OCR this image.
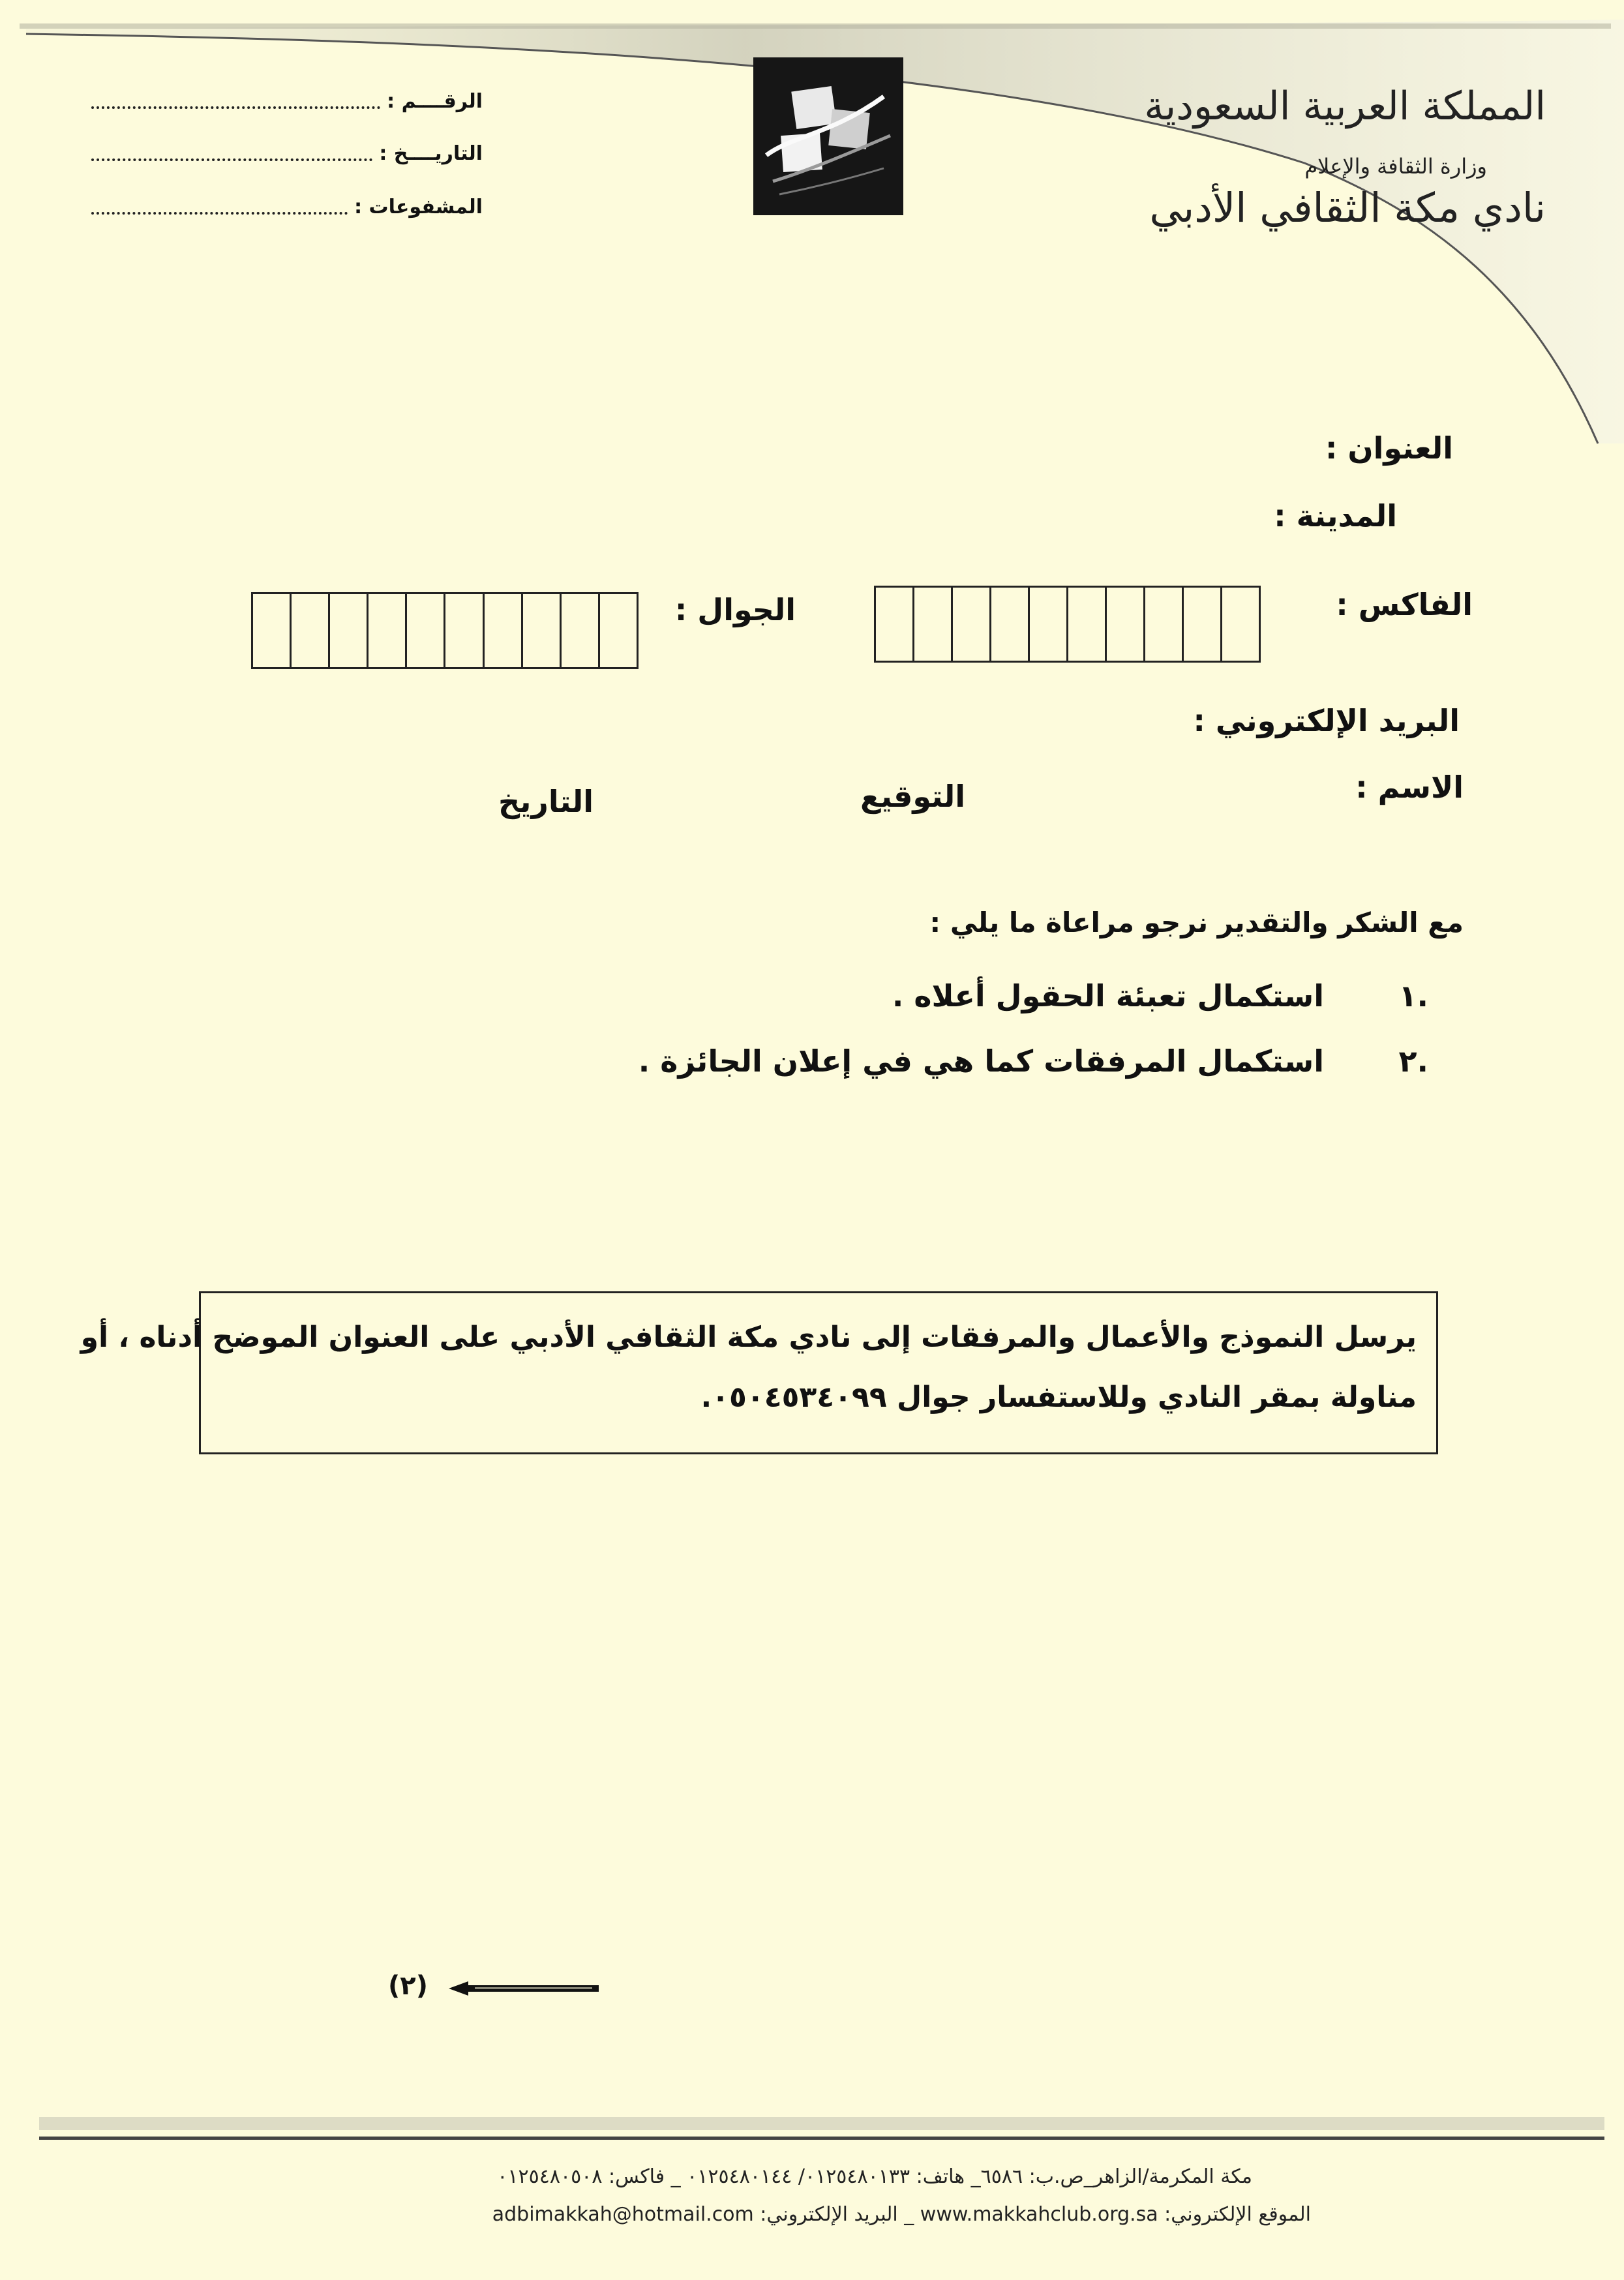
الرقــــم :
التاريــــخ :
المشفوعات :
المملكة العربية السعودية
وزارة الثقافة والإعلام
نادي مكة الثقافي الأدبي
العنوان :
المدينة :
الفاكس :
الجوال :
البريد الإلكتروني :
الاسم :
التوقيع
التاريخ
مع الشكر والتقدير نرجو مراعاة ما يلي :
.١
استكمال تعبئة الحقول أعلاه .
.٢
استكمال المرفقات كما هي في إعلان الجائزة .

يرسل النموذج والأعمال والمرفقات إلى نادي مكة الثقافي الأدبي على العنوان الموضح أدناه ، أو

مناولة بمقر النادي وللاستفسار جوال ٠٥٠٤٥٣٤٠٩٩.

(٢)
مكة المكرمة/الزاهر_ص.ب: ٦٥٨٦_ هاتف: ٠١٢٥٤٨٠١٣٣/ ٠١٢٥٤٨٠١٤٤ _ فاكس: ٠١٢٥٤٨٠٥٠٨
الموقع الإلكتروني: www.makkahclub.org.sa _ البريد الإلكتروني: adbimakkah@hotmail.com
